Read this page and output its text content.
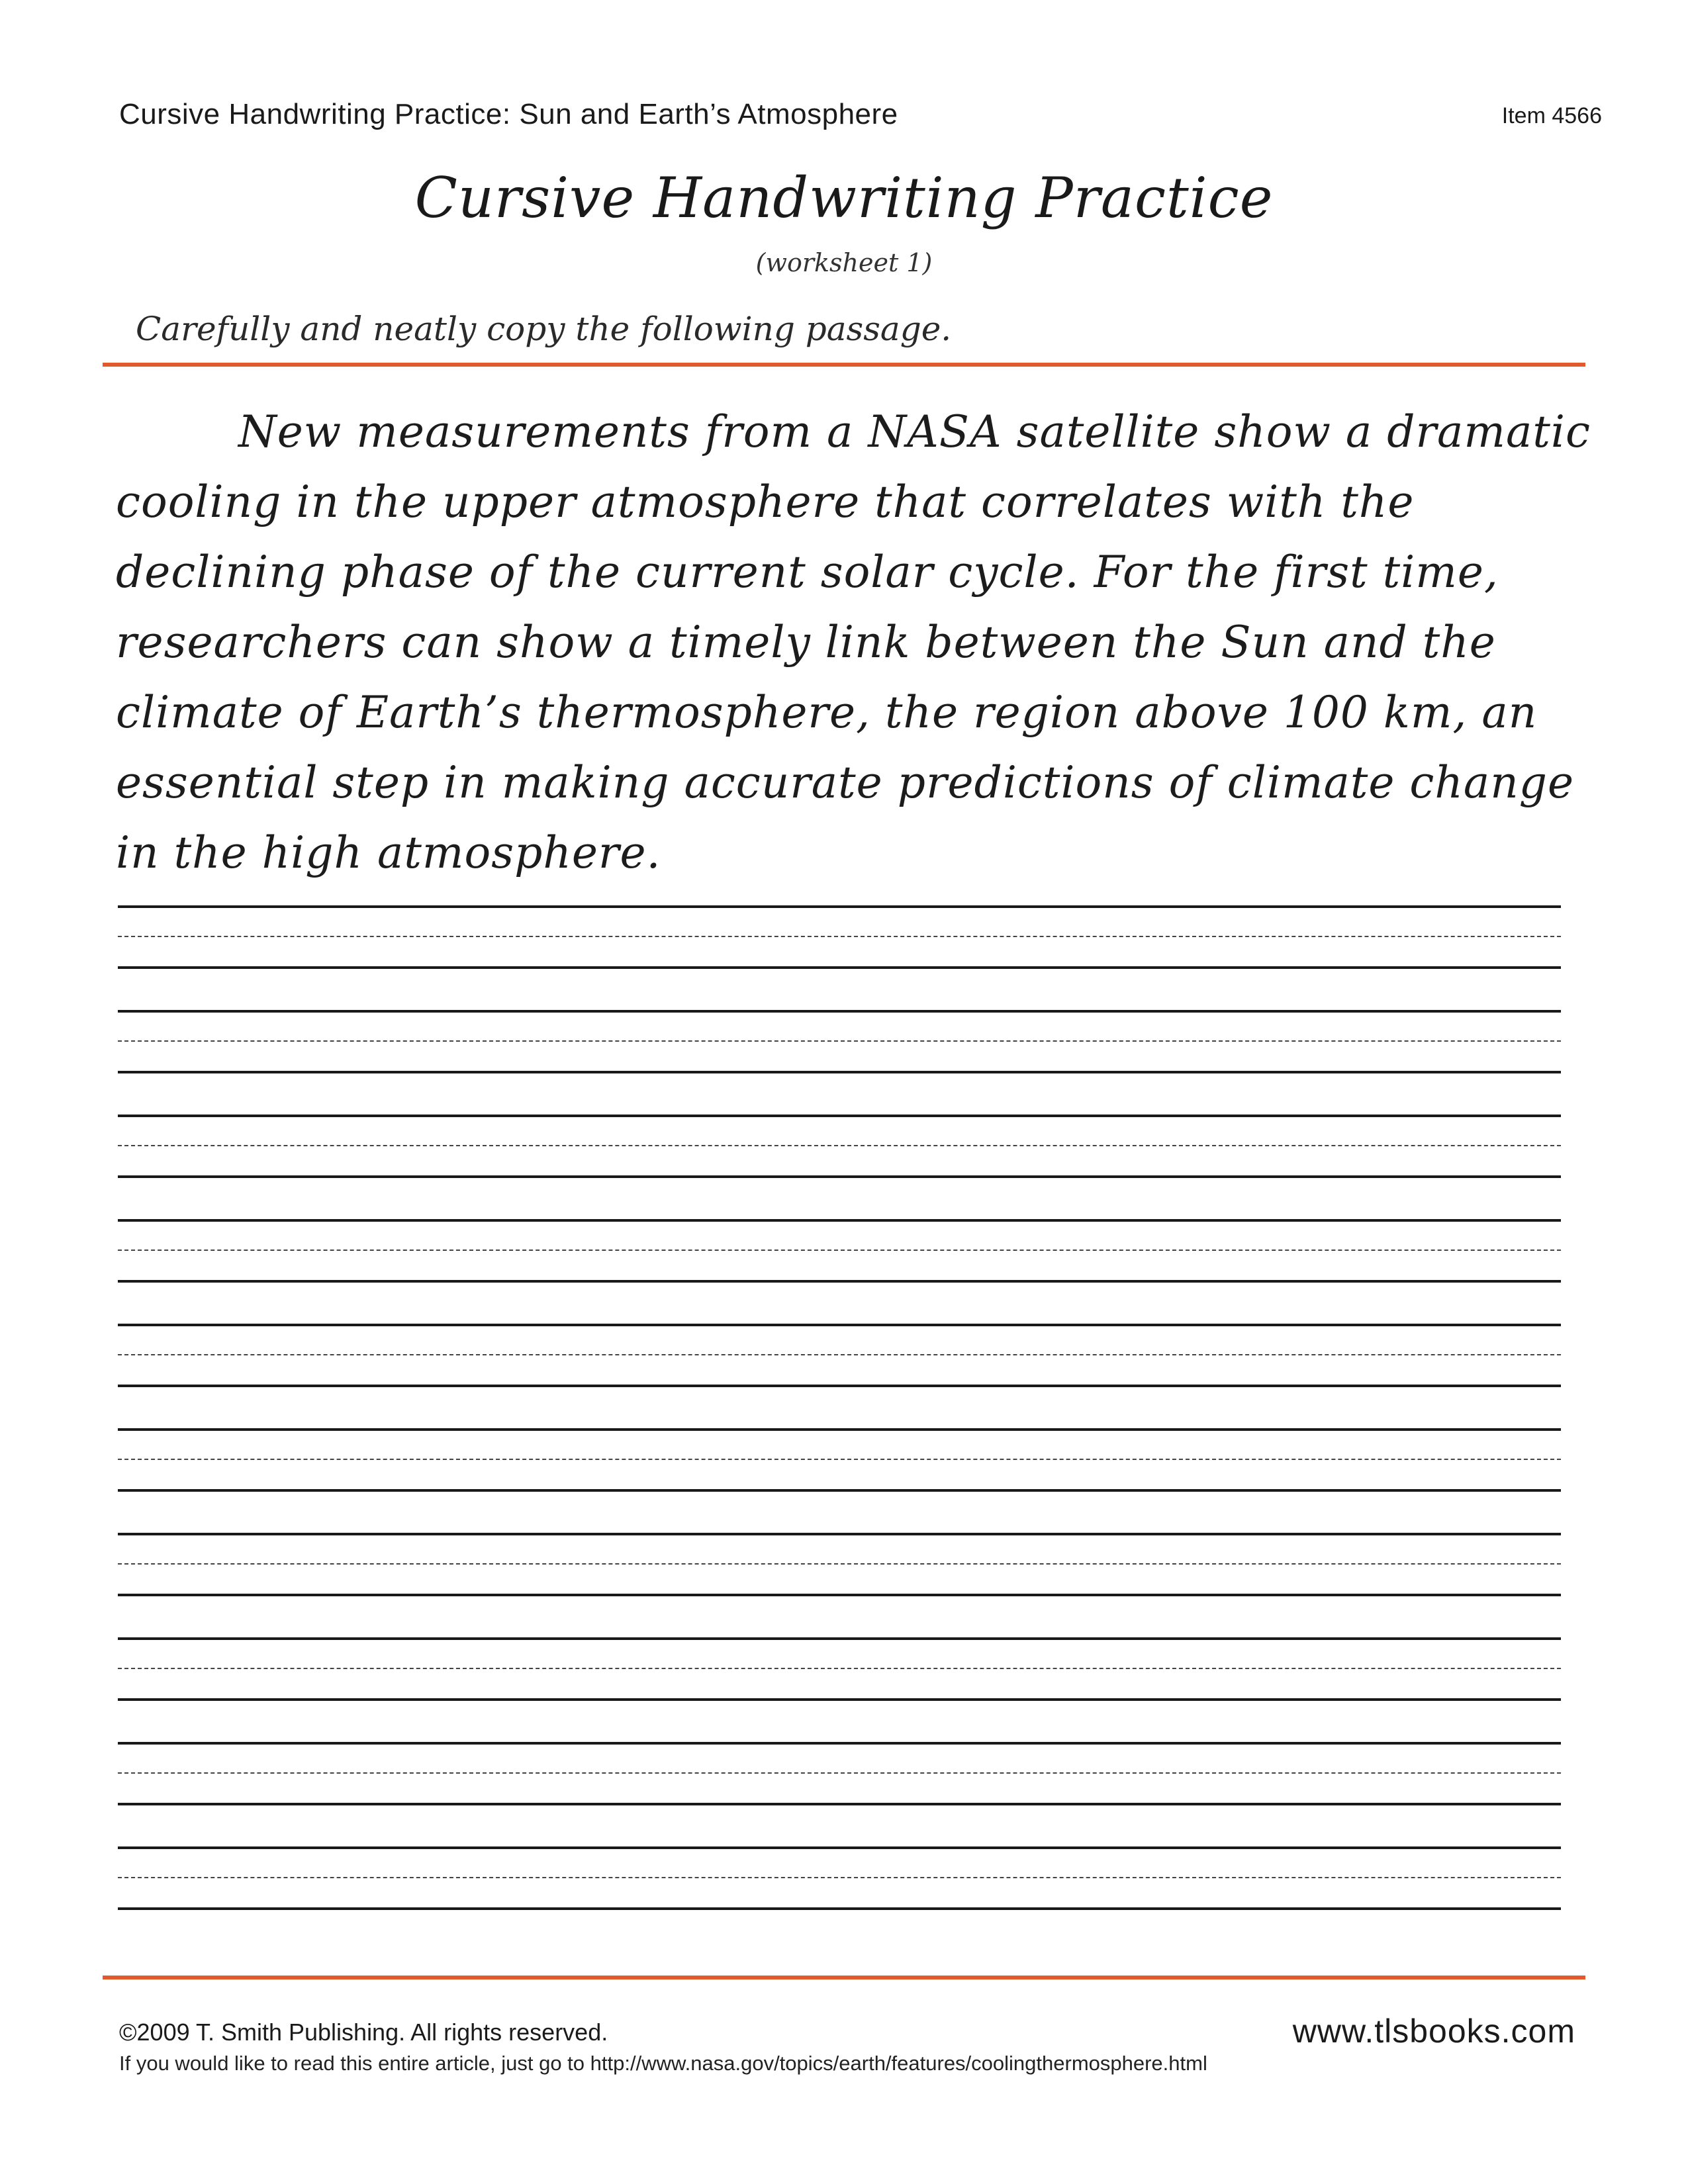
Cursive Handwriting Practice: Sun and Earth’s Atmosphere	Item 4566
Cursive Handwriting Practice
(worksheet 1)
Carefully and neatly copy the following passage.
New measurements from a NASA satellite show a dramatic cooling in the upper atmosphere that correlates with the declining phase of the current solar cycle. For the first time, researchers can show a timely link between the Sun and the climate of Earth’s thermosphere, the region above 100 km, an essential step in making accurate predictions of climate change in the high atmosphere.
©2009 T. Smith Publishing. All rights reserved.	www.tlsbooks.com
If you would like to read this entire article, just go to http://www.nasa.gov/topics/earth/features/coolingthermosphere.html
